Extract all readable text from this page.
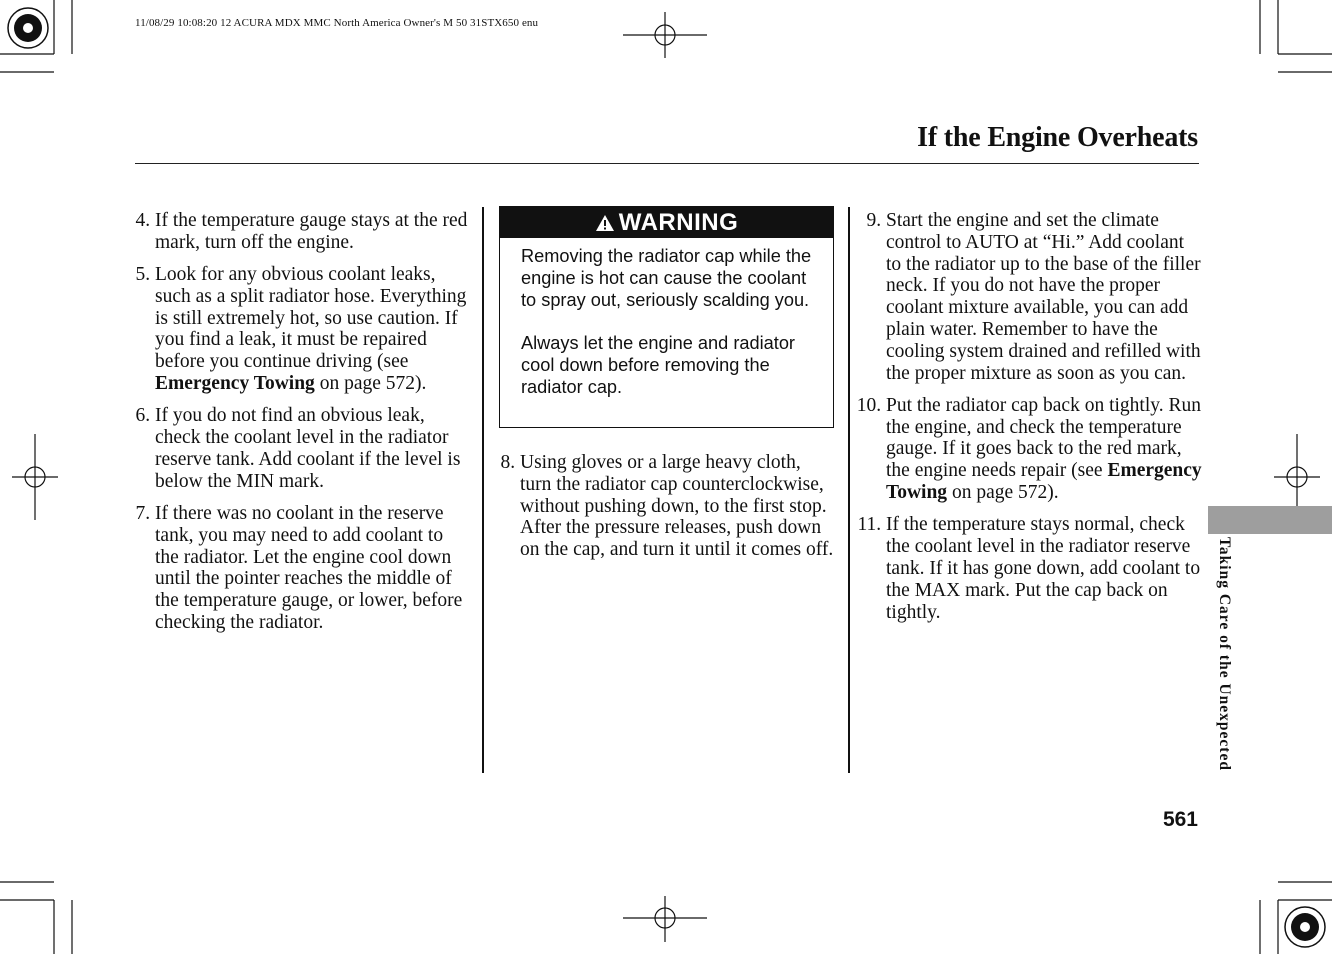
11/08/29 10:08:20 12 ACURA MDX MMC North America Owner's M 50 31STX650 enu
If the Engine Overheats
4. If the temperature gauge stays at the red mark, turn off the engine.
5. Look for any obvious coolant leaks, such as a split radiator hose. Everything is still extremely hot, so use caution. If you find a leak, it must be repaired before you continue driving (see Emergency Towing on page 572).
6. If you do not find an obvious leak, check the coolant level in the radiator reserve tank. Add coolant if the level is below the MIN mark.
7. If there was no coolant in the reserve tank, you may need to add coolant to the radiator. Let the engine cool down until the pointer reaches the middle of the temperature gauge, or lower, before checking the radiator.
WARNING

Removing the radiator cap while the engine is hot can cause the coolant to spray out, seriously scalding you.

Always let the engine and radiator cool down before removing the radiator cap.

8. Using gloves or a large heavy cloth, turn the radiator cap counterclockwise, without pushing down, to the first stop. After the pressure releases, push down on the cap, and turn it until it comes off.
9. Start the engine and set the climate control to AUTO at “Hi.” Add coolant to the radiator up to the base of the filler neck. If you do not have the proper coolant mixture available, you can add plain water. Remember to have the cooling system drained and refilled with the proper mixture as soon as you can.
10. Put the radiator cap back on tightly. Run the engine, and check the temperature gauge. If it goes back to the red mark, the engine needs repair (see Emergency Towing on page 572).
11. If the temperature stays normal, check the coolant level in the radiator reserve tank. If it has gone down, add coolant to the MAX mark. Put the cap back on tightly.	Taking Care of the Unexpected
561
